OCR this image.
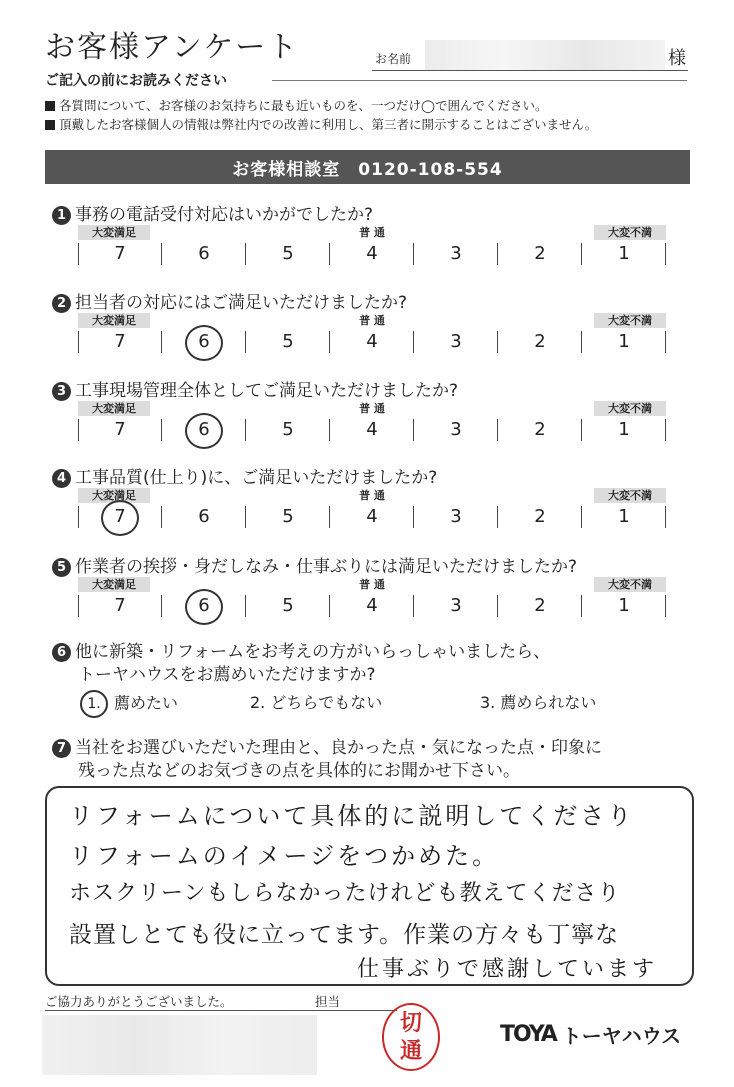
お客様アンケート	お名前	様
ご記入の前にお読みください
各質問について、お客様のお気持ちに最も近いものを、一つだけ◯で囲んでください。
頂戴したお客様個人の情報は弊社内での改善に利用し、第三者に開示することはございません。
お客様相談室　0120-108-554
1 事務の電話受付対応はいかがでしたか?
大変満足	普 通	大変不満
7	6	5	4	3	2	1
2 担当者の対応にはご満足いただけましたか?
大変満足	普 通	大変不満
7	6	5	4	3	2	1
3 工事現場管理全体としてご満足いただけましたか?
大変満足	普 通	大変不満
7	6	5	4	3	2	1
4 工事品質(仕上り)に、ご満足いただけましたか?
大変満足	普 通	大変不満
7	6	5	4	3	2	1
5 作業者の挨拶・身だしなみ・仕事ぶりには満足いただけましたか?
大変満足	普 通	大変不満
7	6	5	4	3	2	1
6 他に新築・リフォームをお考えの方がいらっしゃいましたら、
トーヤハウスをお薦めいただけますか?
1. 薦めたい	2. どちらでもない	3. 薦められない
7 当社をお選びいただいた理由と、良かった点・気になった点・印象に
残った点などのお気づきの点を具体的にお聞かせ下さい。
リフォームについて具体的に説明してくださり
リフォームのイメージをつかめた。
ホスクリーンもしらなかったけれども教えてくださり
設置しとても役に立ってます。作業の方々も丁寧な
仕事ぶりで感謝しています
ご協力ありがとうございました。	担当
切
通
TOYA トーヤハウス
